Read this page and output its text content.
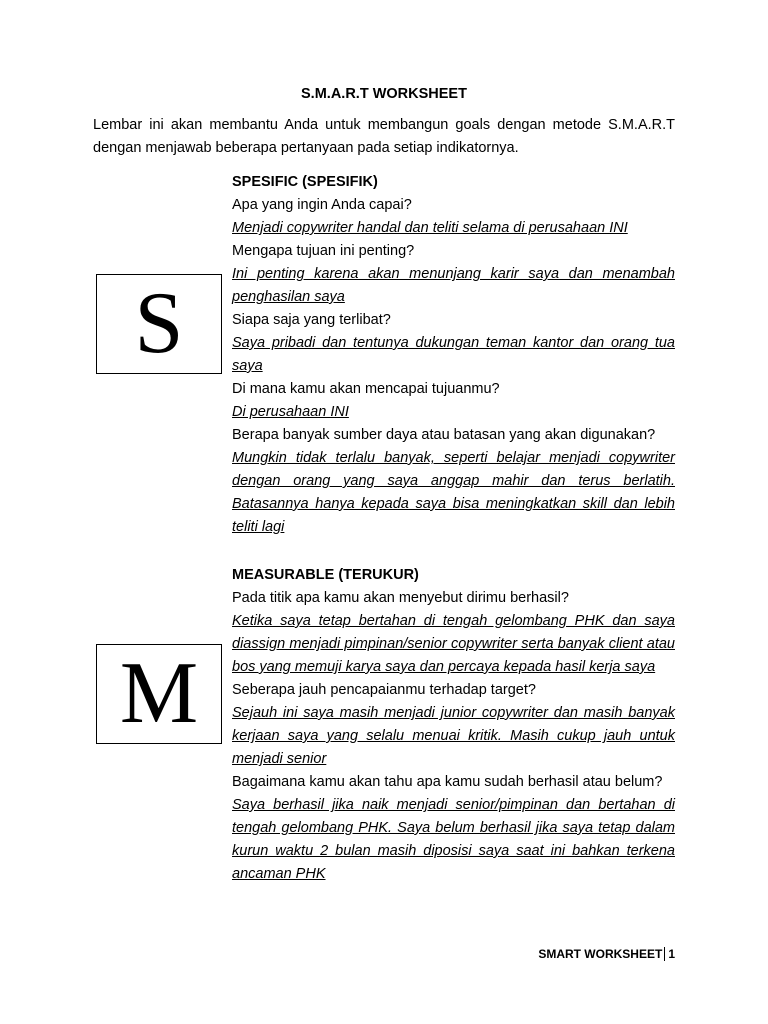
S.M.A.R.T WORKSHEET

Lembar ini akan membantu Anda untuk membangun goals dengan metode S.M.A.R.T dengan menjawab beberapa pertanyaan pada setiap indikatornya.

S

SPESIFIC (SPESIFIK)

Apa yang ingin Anda capai?

Menjadi copywriter handal dan teliti selama di perusahaan INI

Mengapa tujuan ini penting?

Ini penting karena akan menunjang karir saya dan menambah penghasilan saya

Siapa saja yang terlibat?

Saya pribadi dan tentunya dukungan teman kantor dan orang tua saya

Di mana kamu akan mencapai tujuanmu?

Di perusahaan INI

Berapa banyak sumber daya atau batasan yang akan digunakan?

Mungkin tidak terlalu banyak, seperti belajar menjadi copywriter dengan orang yang saya anggap mahir dan terus berlatih. Batasannya hanya kepada saya bisa meningkatkan skill dan lebih teliti lagi

M

MEASURABLE (TERUKUR)

Pada titik apa kamu akan menyebut dirimu berhasil?

Ketika saya tetap bertahan di tengah gelombang PHK dan saya diassign menjadi pimpinan/senior copywriter serta banyak client atau bos yang memuji karya saya dan percaya kepada hasil kerja saya

Seberapa jauh pencapaianmu terhadap target?

Sejauh ini saya masih menjadi junior copywriter dan masih banyak kerjaan saya yang selalu menuai kritik. Masih cukup jauh untuk menjadi senior

Bagaimana kamu akan tahu apa kamu sudah berhasil atau belum?

Saya berhasil jika naik menjadi senior/pimpinan dan bertahan di tengah gelombang PHK. Saya belum berhasil jika saya tetap dalam kurun waktu 2 bulan masih diposisi saya saat ini bahkan terkena ancaman PHK

SMART WORKSHEET 1
